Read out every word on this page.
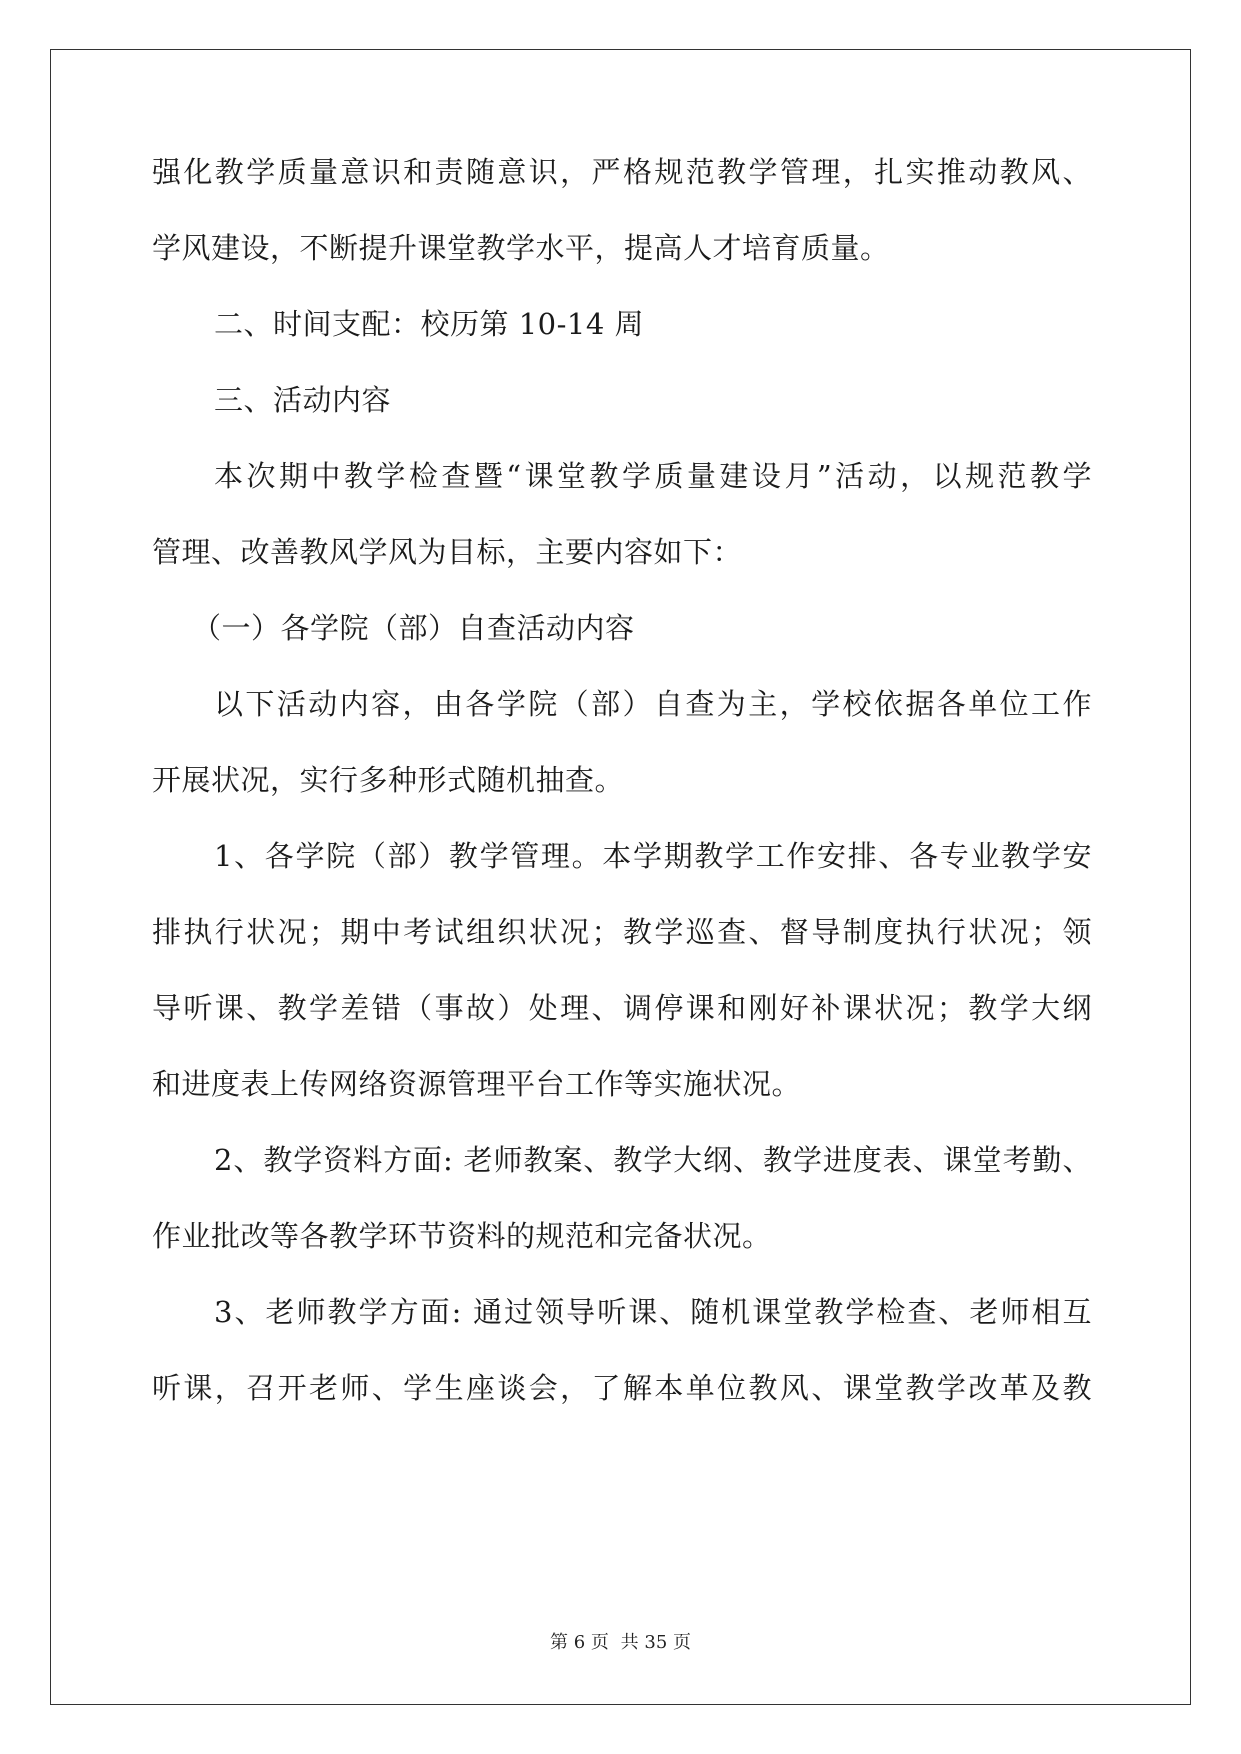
强化教学质量意识和责随意识，严格规范教学管理，扎实推动教风、
学风建设，不断提升课堂教学水平，提高人才培育质量。
二、时间支配：校历第 10-14 周
三、活动内容
本次期中教学检查暨“课堂教学质量建设月”活动，以规范教学
管理、改善教风学风为目标，主要内容如下：
（一）各学院（部）自查活动内容
以下活动内容，由各学院（部）自查为主，学校依据各单位工作
开展状况，实行多种形式随机抽查。
1、各学院（部）教学管理。本学期教学工作安排、各专业教学安
排执行状况；期中考试组织状况；教学巡查、督导制度执行状况；领
导听课、教学差错（事故）处理、调停课和刚好补课状况；教学大纲
和进度表上传网络资源管理平台工作等实施状况。
2、教学资料方面: 老师教案、教学大纲、教学进度表、课堂考勤、
作业批改等各教学环节资料的规范和完备状况。
3、老师教学方面: 通过领导听课、随机课堂教学检查、老师相互
听课，召开老师、学生座谈会，了解本单位教风、课堂教学改革及教
第 6 页 共 35 页
